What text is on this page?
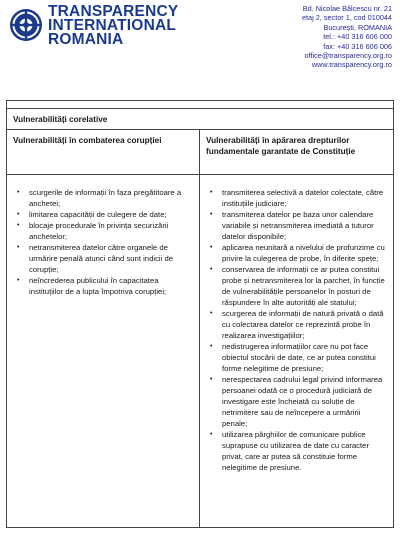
TRANSPARENCY
INTERNATIONAL
ROMANIA
Bd. Nicolae Bălcescu nr. 21
etaj 2, sector 1, cod 010044
București, ROMANIA
tel.: +40 316 606 000
fax: +40 316 606 006
office@transparency.org.ro
www.transparency.org.ro
Vulnerabilități corelative
Vulnerabilități în combaterea corupției	Vulnerabilități în apărarea drepturilor fundamentale garantate de Constituție
• scurgerile de informații în faza pregătitoare a anchetei;
• limitarea capacității de culegere de date;
• blocaje procedurale în privința securizării anchetelor;
• netransmiterea datelor către organele de urmărire penală atunci când sunt indicii de corupție;
• neîncrederea publicului în capacitatea instituțiilor de a lupta împotriva corupției;
• transmiterea selectivă a datelor colectate, către instituțiile judiciare;
• transmiterea datelor pe baza unor calendare variabile și netransmiterea imediată a tuturor datelor disponibile;
• aplicarea neunitară a nivelului de profunzime cu privire la culegerea de probe, în diferite spețe;
• conservarea de informații ce ar putea constitui probe și netransmiterea lor la parchet, în funcție de vulnerabilitățile persoanelor în posturi de răspundere în alte autorități ale statului;
• scurgerea de informații de natură privată o dată cu colectarea datelor ce reprezintă probe în realizarea investigațiilor;
• nedistrugerea informațiilor care nu pot face obiectul stocării de date, ce ar putea constitui forme nelegitime de presiune;
• nerespectarea cadrului legal privind informarea persoanei odată ce o procedură judiciară de investigare este încheiată cu soluție de netrimitere sau de neîncepere a urmăririi penale;
• utilizarea pârghiilor de comunicare publice suprapuse cu utilizarea de date cu caracter privat, care ar putea să constituie forme nelegitime de presiune.
